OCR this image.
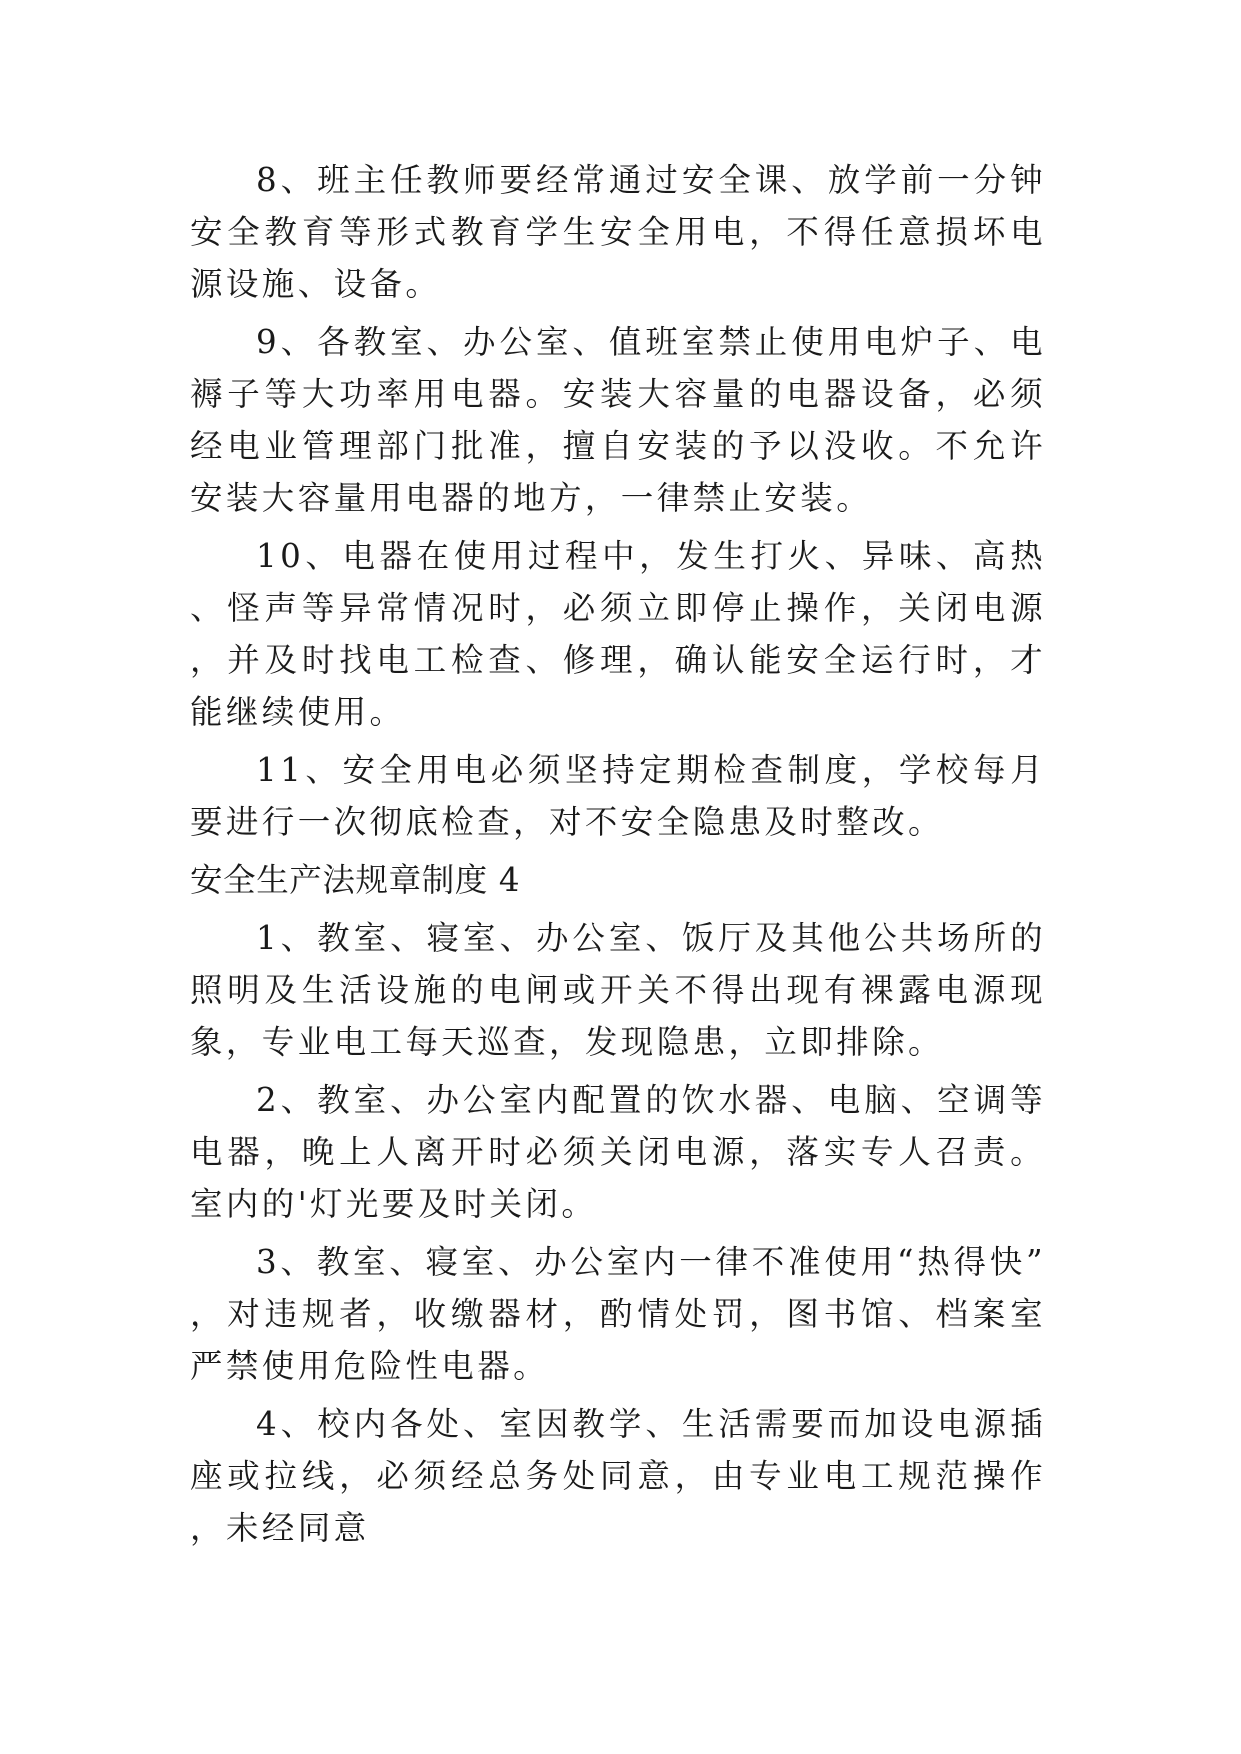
8、班主任教师要经常通过安全课、放学前一分钟安全教育等形式教育学生安全用电，不得任意损坏电源设施、设备。

9、各教室、办公室、值班室禁止使用电炉子、电褥子等大功率用电器。安装大容量的电器设备，必须经电业管理部门批准，擅自安装的予以没收。不允许安装大容量用电器的地方，一律禁止安装。

10、电器在使用过程中，发生打火、异味、高热、怪声等异常情况时，必须立即停止操作，关闭电源，并及时找电工检查、修理，确认能安全运行时，才能继续使用。

11、安全用电必须坚持定期检查制度，学校每月要进行一次彻底检查，对不安全隐患及时整改。

安全生产法规章制度 4

1、教室、寝室、办公室、饭厅及其他公共场所的照明及生活设施的电闸或开关不得出现有裸露电源现象，专业电工每天巡查，发现隐患，立即排除。

2、教室、办公室内配置的饮水器、电脑、空调等电器，晚上人离开时必须关闭电源，落实专人召责。室内的'灯光要及时关闭。

3、教室、寝室、办公室内一律不准使用“热得快”，对违规者，收缴器材，酌情处罚，图书馆、档案室严禁使用危险性电器。

4、校内各处、室因教学、生活需要而加设电源插座或拉线，必须经总务处同意，由专业电工规范操作，未经同意
